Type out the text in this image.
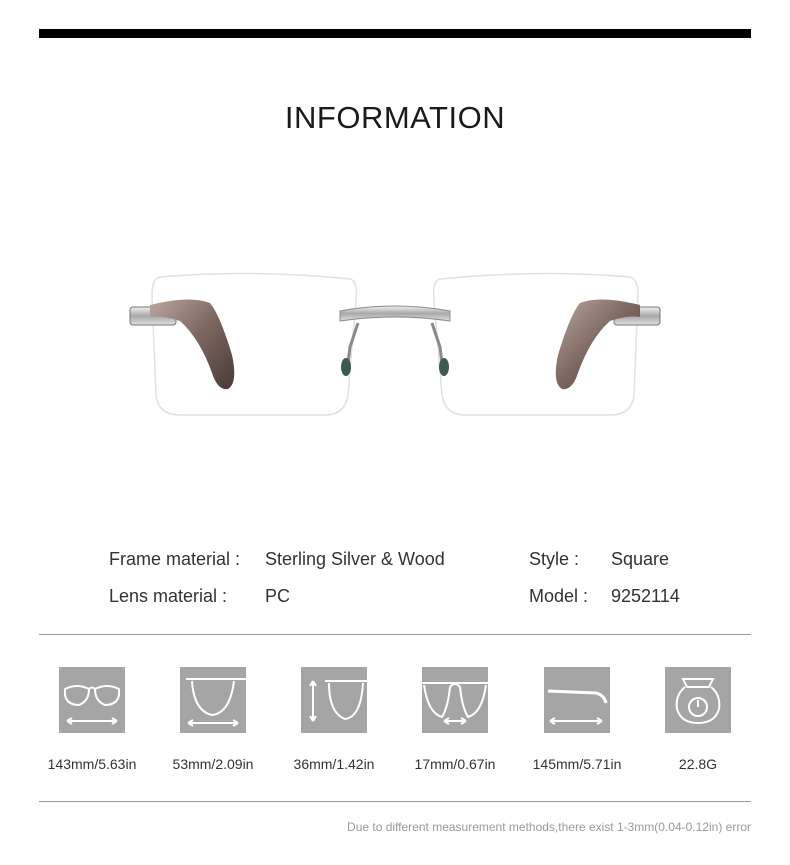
INFORMATION
Frame material : Sterling Silver & Wood	Style : Square
Lens material : PC	Model : 9252114
143mm/5.63in	53mm/2.09in	36mm/1.42in	17mm/0.67in	145mm/5.71in	22.8G
Due to different measurement methods,there exist 1-3mm(0.04-0.12in) error
